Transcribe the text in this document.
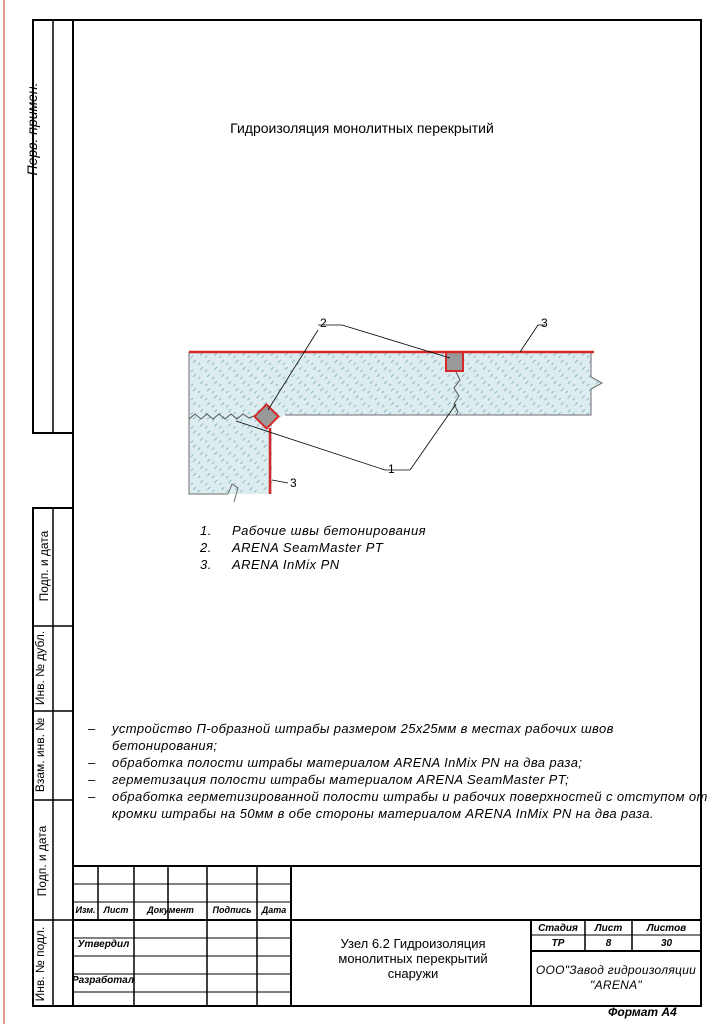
Гидроизоляция монолитных перекрытий
2	3
3
1
1. Рабочие швы бетонирования
2. ARENA SeamMaster PT
3. ARENA InMix PN
– устройство П-образной штрабы размером 25х25мм в местах рабочих швов бетонирования;
– обработка полости штрабы материалом ARENA InMix PN на два раза;
– герметизация полости штрабы материалом ARENA SeamMaster PT;
– обработка герметизированной полости штрабы и рабочих поверхностей с отступом от кромки штрабы на 50мм в обе стороны материалом ARENA InMix PN на два раза.
Перв. примен.
Подп. и дата
Инв. № дубл.
Взам. инв. №
Подп. и дата
Инв. № подл.
Изм. Лист	Документ	Подпись	Дата
Утвердил
Разработал
Стадия	Лист	Листов
ТР	8	30
Узел 6.2 Гидроизоляция монолитных перекрытий снаружи	ООО"Завод гидроизоляции "ARENA"
Формат А4
